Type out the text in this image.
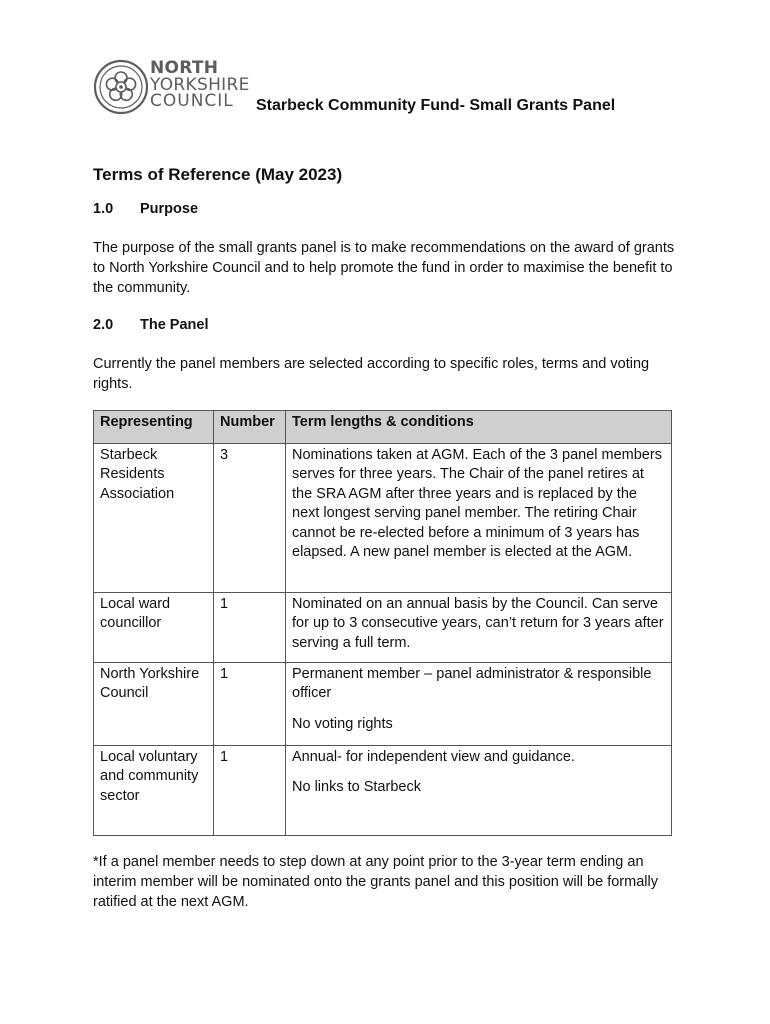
NORTH
YORKSHIRE
COUNCIL	Starbeck Community Fund- Small Grants Panel
Terms of Reference (May 2023)
1.0 Purpose

The purpose of the small grants panel is to make recommendations on the award of grants to North Yorkshire Council and to help promote the fund in order to maximise the benefit to the community.

2.0 The Panel

Currently the panel members are selected according to specific roles, terms and voting rights.

Representing	Number	Term lengths & conditions
Starbeck Residents Association	3	Nominations taken at AGM. Each of the 3 panel members serves for three years. The Chair of the panel retires at the SRA AGM after three years and is replaced by the next longest serving panel member. The retiring Chair cannot be re-elected before a minimum of 3 years has elapsed. A new panel member is elected at the AGM.

Local ward councillor	1	Nominated on an annual basis by the Council. Can serve for up to 3 consecutive years, can’t return for 3 years after serving a full term.

North Yorkshire Council	1	Permanent member – panel administrator & responsible officer

No voting rights

Local voluntary and community sector	1	Annual- for independent view and guidance.

No links to Starbeck

*If a panel member needs to step down at any point prior to the 3-year term ending an interim member will be nominated onto the grants panel and this position will be formally ratified at the next AGM.
